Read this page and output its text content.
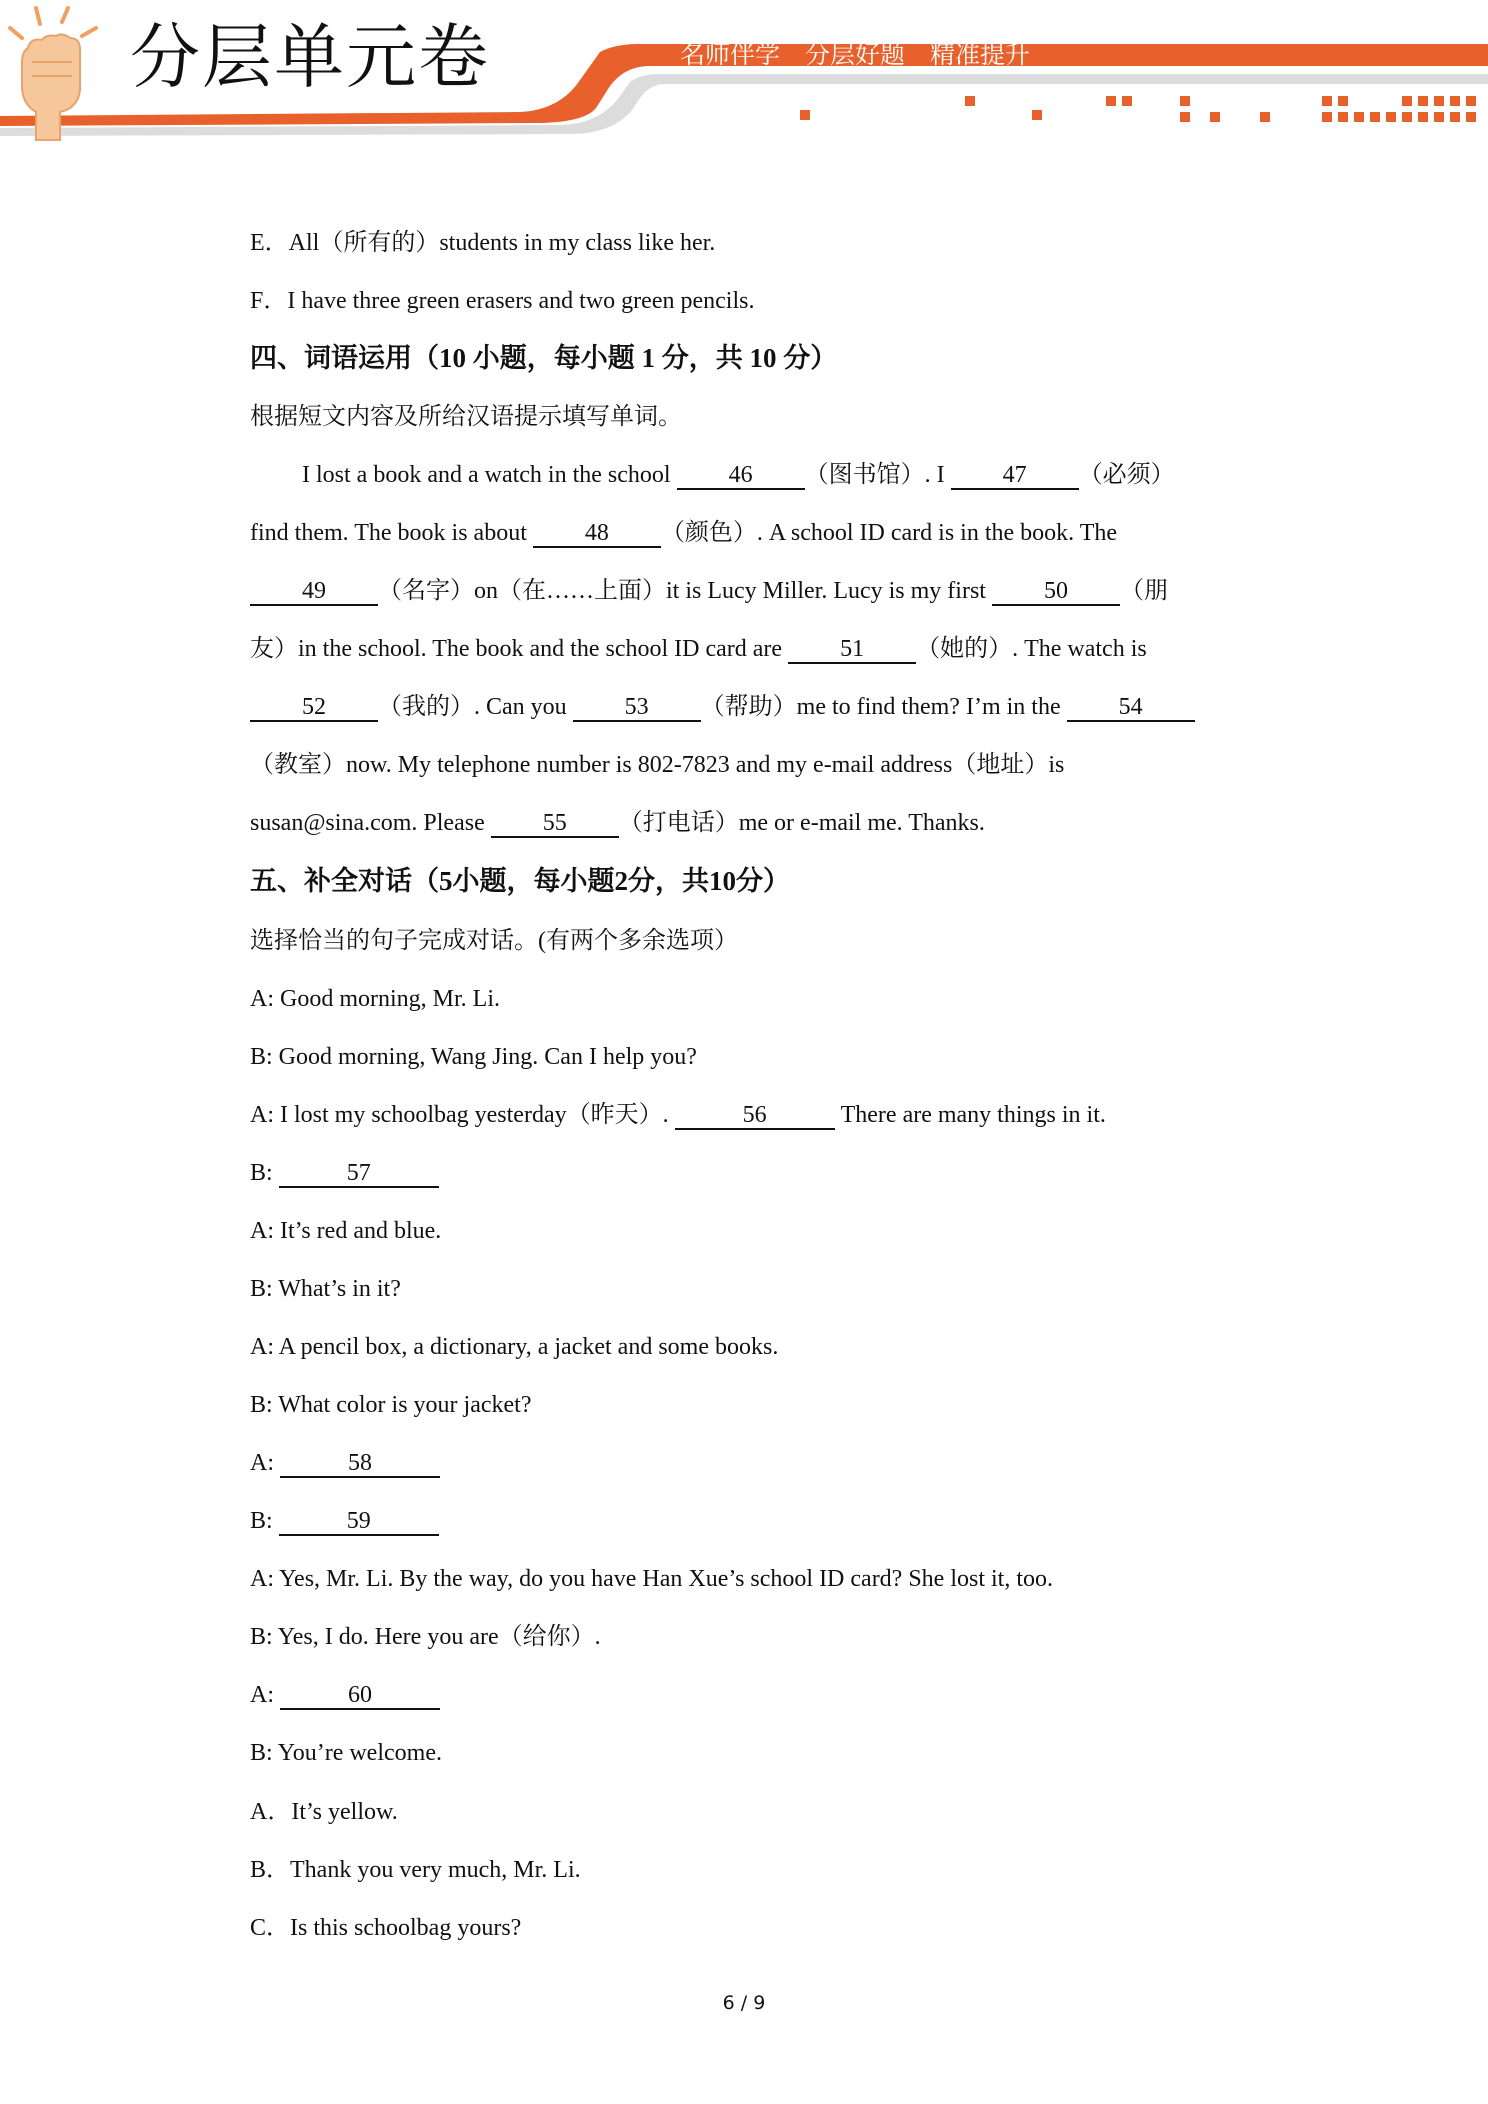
分层单元卷	名师伴学　分层好题　精准提升
E．All（所有的）students in my class like her.
F．I have three green erasers and two green pencils.
四、词语运用（10 小题，每小题 1 分，共 10 分）
根据短文内容及所给汉语提示填写单词。
I lost a book and a watch in the school 46 （图书馆）. I 47 （必须）
find them. The book is about 48 （颜色）. A school ID card is in the book. The
49 （名字）on（在……上面）it is Lucy Miller. Lucy is my first 50 （朋
友）in the school. The book and the school ID card are 51 （她的）. The watch is
52 （我的）. Can you 53 （帮助）me to find them? I’m in the 54
（教室）now. My telephone number is 802-7823 and my e-mail address（地址）is
susan@sina.com. Please 55 （打电话）me or e-mail me. Thanks.
五、补全对话（5小题，每小题2分，共10分）
选择恰当的句子完成对话。(有两个多余选项）
A: Good morning, Mr. Li.
B: Good morning, Wang Jing. Can I help you?
A: I lost my schoolbag yesterday（昨天）.	56	There are many things in it.
B:	57
A: It’s red and blue.
B: What’s in it?
A: A pencil box, a dictionary, a jacket and some books.
B: What color is your jacket?
A:	58
B:	59
A: Yes, Mr. Li. By the way, do you have Han Xue’s school ID card? She lost it, too.
B: Yes, I do. Here you are（给你）.
A:	60
B: You’re welcome.
A．It’s yellow.
B．Thank you very much, Mr. Li.
C．Is this schoolbag yours?
6 / 9
